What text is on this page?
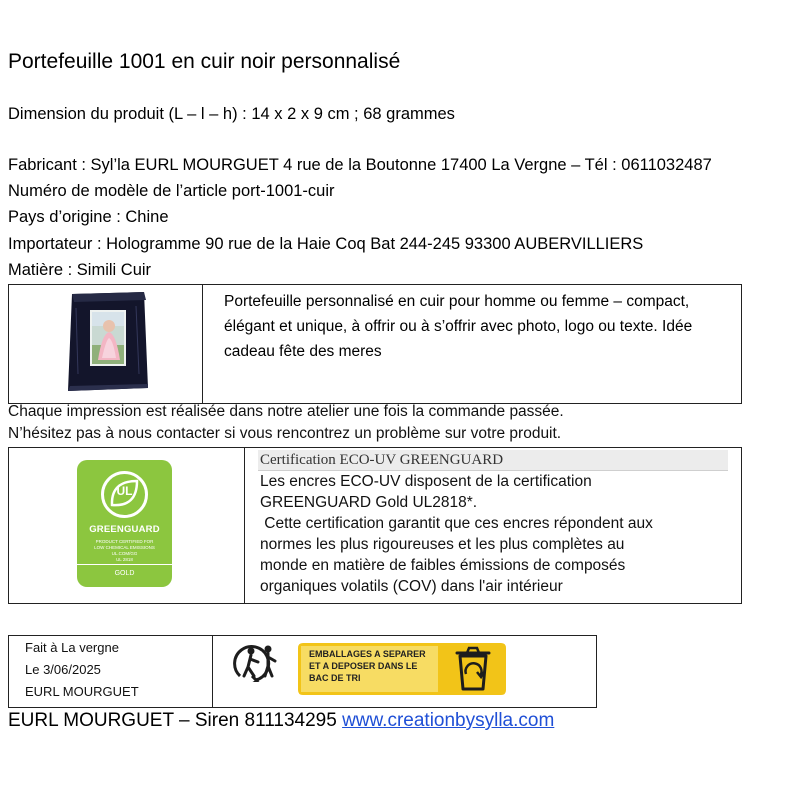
Portefeuille 1001 en cuir noir personnalisé
Dimension du produit (L – l – h) : 14 x 2 x 9 cm ; 68 grammes
Fabricant : Syl’la EURL MOURGUET 4 rue de la Boutonne 17400 La Vergne – Tél : 0611032487
Numéro de modèle de l’article port-1001-cuir
Pays d’origine : Chine
Importateur : Hologramme 90 rue de la Haie Coq Bat 244-245 93300 AUBERVILLIERS
Matière : Simili Cuir
Portefeuille personnalisé en cuir pour homme ou femme – compact, élégant et unique, à offrir ou à s’offrir avec photo, logo ou texte. Idée cadeau fête des meres
Chaque impression est réalisée dans notre atelier une fois la commande passée.
N’hésitez pas à nous contacter si vous rencontrez un problème sur votre produit.
UL
GREENGUARD
PRODUCT CERTIFIED FOR
LOW CHEMICAL EMISSIONS
UL.COM/GG
UL 2818
GOLD
Certification ECO-UV GREENGUARD
Les encres ECO-UV disposent de la certification
GREENGUARD Gold UL2818*.
Cette certification garantit que ces encres répondent aux
normes les plus rigoureuses et les plus complètes au
monde en matière de faibles émissions de composés
organiques volatils (COV) dans l'air intérieur
Fait à La vergne
Le 3/06/2025
EURL MOURGUET
EMBALLAGES A SEPARER
ET A DEPOSER DANS LE
BAC DE TRI
EURL MOURGUET – Siren 811134295 www.creationbysylla.com
